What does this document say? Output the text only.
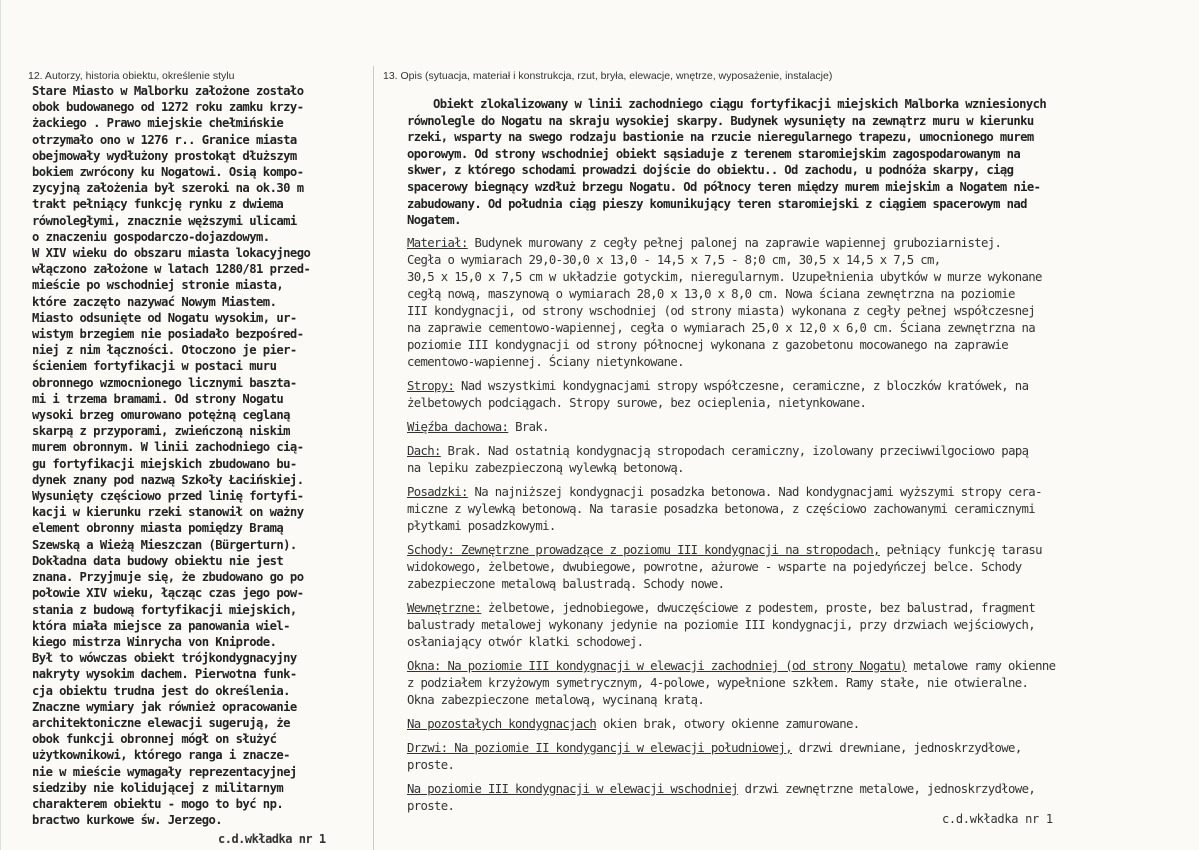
12. Autorzy, historia obiektu, określenie stylu	13. Opis (sytuacja, materiał i konstrukcja, rzut, bryła, elewacje, wnętrze, wyposażenie, instalacje)
Stare Miasto w Malborku założone zostało
obok budowanego od 1272 roku zamku krzy-
żackiego . Prawo miejskie chełmińskie
otrzymało ono w 1276 r.. Granice miasta
obejmowały wydłużony prostokąt dłuższym
bokiem zwrócony ku Nogatowi. Osią kompo-
zycyjną założenia był szeroki na ok.30 m
trakt pełniący funkcję rynku z dwiema
równoległymi, znacznie węższymi ulicami
o znaczeniu gospodarczo-dojazdowym.
W XIV wieku do obszaru miasta lokacyjnego
włączono założone w latach 1280/81 przed-
mieście po wschodniej stronie miasta,
które zaczęto nazywać Nowym Miastem.
Miasto odsunięte od Nogatu wysokim, ur-
wistym brzegiem nie posiadało bezpośred-
niej z nim łączności. Otoczono je pier-
ścieniem fortyfikacji w postaci muru
obronnego wzmocnionego licznymi baszta-
mi i trzema bramami. Od strony Nogatu
wysoki brzeg omurowano potężną ceglaną
skarpą z przyporami, zwieńczoną niskim
murem obronnym. W linii zachodniego cią-
gu fortyfikacji miejskich zbudowano bu-
dynek znany pod nazwą Szkoły Łacińskiej.
Wysunięty częściowo przed linię fortyfi-
kacji w kierunku rzeki stanowił on ważny
element obronny miasta pomiędzy Bramą
Szewską a Wieżą Mieszczan (Bürgerturn).
Dokładna data budowy obiektu nie jest
znana. Przyjmuje się, że zbudowano go po
połowie XIV wieku, łącząc czas jego pow-
stania z budową fortyfikacji miejskich,
która miała miejsce za panowania wiel-
kiego mistrza Winrycha von Kniprode.
Był to wówczas obiekt trójkondygnacyjny
nakryty wysokim dachem. Pierwotna funk-
cja obiektu trudna jest do określenia.
Znaczne wymiary jak również opracowanie
architektoniczne elewacji sugerują, że
obok funkcji obronnej mógł on służyć
użytkownikowi, którego ranga i znacze-
nie w mieście wymagały reprezentacyjnej
siedziby nie kolidującej z militarnym
charakterem obiektu - mogo to być np.
bractwo kurkowe św. Jerzego.
Obiekt zlokalizowany w linii zachodniego ciągu fortyfikacji miejskich Malborka wzniesionych
równolegle do Nogatu na skraju wysokiej skarpy. Budynek wysunięty na zewnątrz muru w kierunku
rzeki, wsparty na swego rodzaju bastionie na rzucie nieregularnego trapezu, umocnionego murem
oporowym. Od strony wschodniej obiekt sąsiaduje z terenem staromiejskim zagospodarowanym na
skwer, z którego schodami prowadzi dojście do obiektu.. Od zachodu, u podnóża skarpy, ciąg
spacerowy biegnący wzdłuż brzegu Nogatu. Od północy teren między murem miejskim a Nogatem nie-
zabudowany. Od południa ciąg pieszy komunikujący teren staromiejski z ciągiem spacerowym nad
Nogatem.
Materiał: Budynek murowany z cegły pełnej palonej na zaprawie wapiennej gruboziarnistej.
Cegła o wymiarach 29,0-30,0 x 13,0 - 14,5 x 7,5 - 8;0 cm, 30,5 x 14,5 x 7,5 cm,
30,5 x 15,0 x 7,5 cm w układzie gotyckim, nieregularnym. Uzupełnienia ubytków w murze wykonane
cegłą nową, maszynową o wymiarach 28,0 x 13,0 x 8,0 cm. Nowa ściana zewnętrzna na poziomie
III kondygnacji, od strony wschodniej (od strony miasta) wykonana z cegły pełnej współczesnej
na zaprawie cementowo-wapiennej, cegła o wymiarach 25,0 x 12,0 x 6,0 cm. Ściana zewnętrzna na
poziomie III kondygnacji od strony północnej wykonana z gazobetonu mocowanego na zaprawie
cementowo-wapiennej. Ściany nietynkowane.
Stropy: Nad wszystkimi kondygnacjami stropy współczesne, ceramiczne, z bloczków kratówek, na
żelbetowych podciągach. Stropy surowe, bez ocieplenia, nietynkowane.
Więźba dachowa: Brak.
Dach: Brak. Nad ostatnią kondygnacją stropodach ceramiczny, izolowany przeciwwilgociowo papą
na lepiku zabezpieczoną wylewką betonową.
Posadzki: Na najniższej kondygnacji posadzka betonowa. Nad kondygnacjami wyższymi stropy cera-
miczne z wylewką betonową. Na tarasie posadzka betonowa, z częściowo zachowanymi ceramicznymi
płytkami posadzkowymi.
Schody: Zewnętrzne prowadzące z poziomu III kondygnacji na stropodach, pełniący funkcję tarasu
widokowego, żelbetowe, dwubiegowe, powrotne, ażurowe - wsparte na pojedyńczej belce. Schody
zabezpieczone metalową balustradą. Schody nowe.
Wewnętrzne: żelbetowe, jednobiegowe, dwuczęściowe z podestem, proste, bez balustrad, fragment
balustrady metalowej wykonany jedynie na poziomie III kondygnacji, przy drzwiach wejściowych,
osłaniający otwór klatki schodowej.
Okna: Na poziomie III kondygnacji w elewacji zachodniej (od strony Nogatu) metalowe ramy okienne
z podziałem krzyżowym symetrycznym, 4-polowe, wypełnione szkłem. Ramy stałe, nie otwieralne.
Okna zabezpieczone metalową, wycinaną kratą.
Na pozostałych kondygnacjach okien brak, otwory okienne zamurowane.
Drzwi: Na poziomie II kondygancji w elewacji południowej, drzwi drewniane, jednoskrzydłowe,
proste.
Na poziomie III kondygnacji w elewacji wschodniej drzwi zewnętrzne metalowe, jednoskrzydłowe,
proste.
c.d.wkładka nr 1
c.d.wkładka nr 1
